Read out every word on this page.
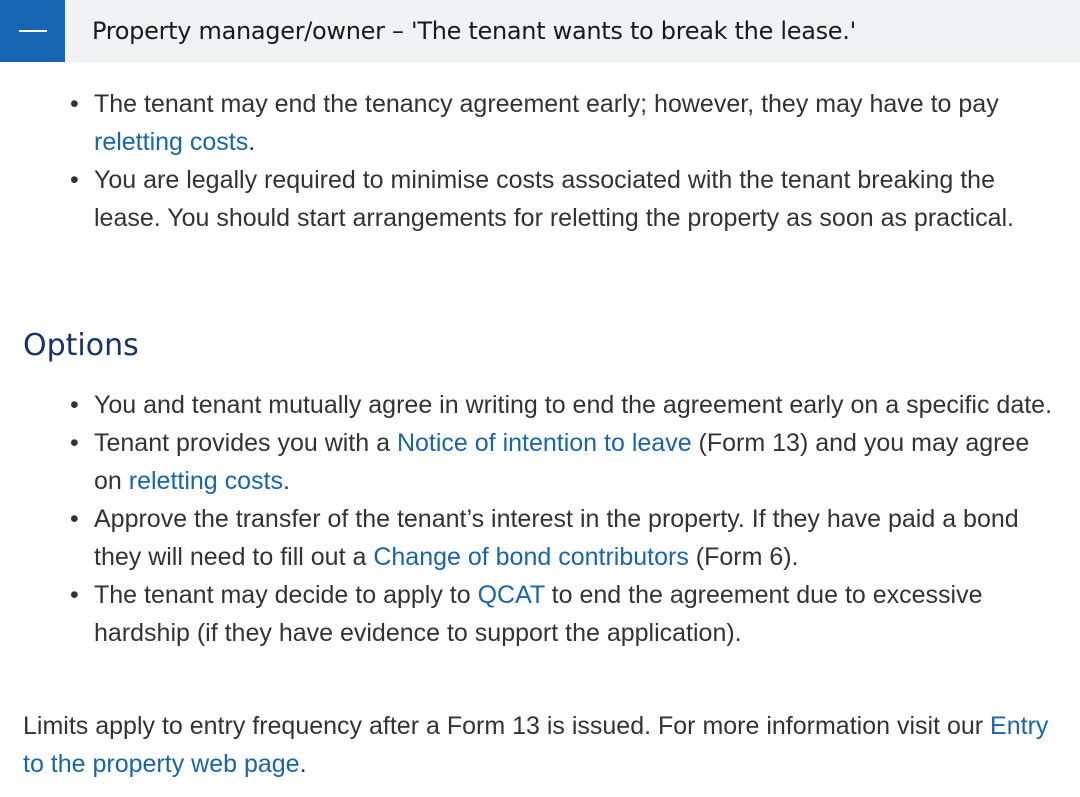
Property manager/owner – 'The tenant wants to break the lease.'
• The tenant may end the tenancy agreement early; however, they may have to pay reletting costs.
• You are legally required to minimise costs associated with the tenant breaking the lease. You should start arrangements for reletting the property as soon as practical.
Options
• You and tenant mutually agree in writing to end the agreement early on a specific date.
• Tenant provides you with a Notice of intention to leave (Form 13) and you may agree on reletting costs.
• Approve the transfer of the tenant’s interest in the property. If they have paid a bond they will need to fill out a Change of bond contributors (Form 6).
• The tenant may decide to apply to QCAT to end the agreement due to excessive hardship (if they have evidence to support the application).

Limits apply to entry frequency after a Form 13 is issued. For more information visit our Entry to the property web page.
